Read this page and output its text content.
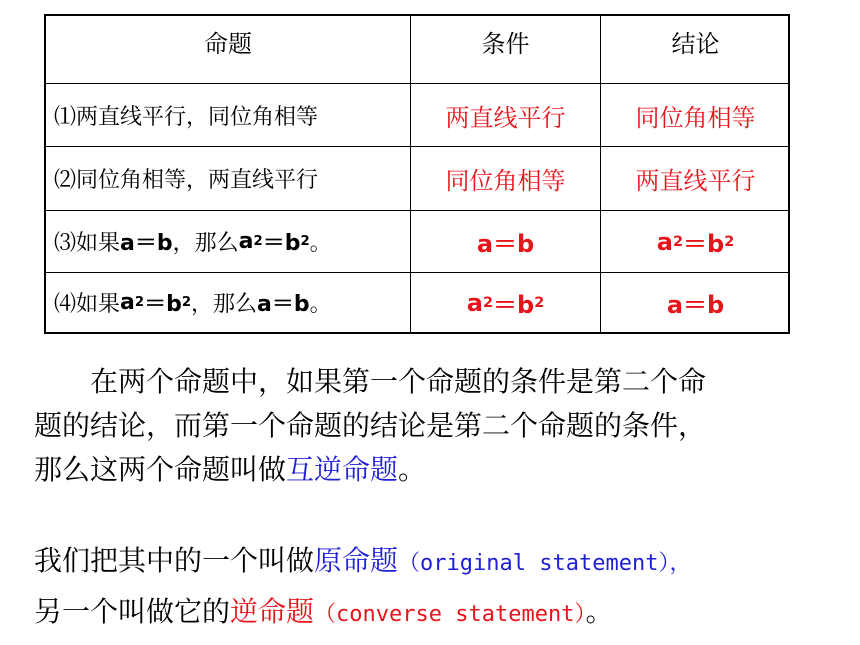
命题	条件	结论
⑴两直线平行，同位角相等	两直线平行	同位角相等
⑵同位角相等，两直线平行	同位角相等	两直线平行
⑶如果 a＝b ，那么 a 2 ＝b 2 。	a＝b	a 2 ＝b 2
⑷如果 a 2 ＝b 2 ，那么 a＝b 。	a 2 ＝b 2	a＝b
在两个命题中，如果第一个命题的条件是第二个命
题的结论，而第一个命题的结论是第二个命题的条件，
那么这两个命题叫做互逆命题。
我们把其中的一个叫做原命题（original statement），
另一个叫做它的逆命题（converse statement）。
